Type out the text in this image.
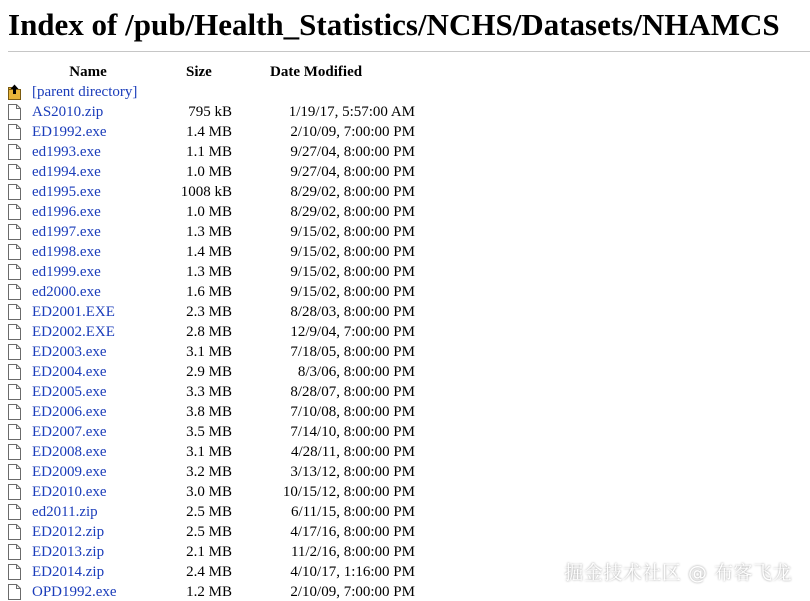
Index of /pub/Health_Statistics/NCHS/Datasets/NHAMCS
Name	Size	Date Modified

[parent directory]		

AS2010.zip	795 kB	1/19/17, 5:57:00 AM

ED1992.exe	1.4 MB	2/10/09, 7:00:00 PM

ed1993.exe	1.1 MB	9/27/04, 8:00:00 PM

ed1994.exe	1.0 MB	9/27/04, 8:00:00 PM

ed1995.exe	1008 kB	8/29/02, 8:00:00 PM

ed1996.exe	1.0 MB	8/29/02, 8:00:00 PM

ed1997.exe	1.3 MB	9/15/02, 8:00:00 PM

ed1998.exe	1.4 MB	9/15/02, 8:00:00 PM

ed1999.exe	1.3 MB	9/15/02, 8:00:00 PM

ed2000.exe	1.6 MB	9/15/02, 8:00:00 PM

ED2001.EXE	2.3 MB	8/28/03, 8:00:00 PM

ED2002.EXE	2.8 MB	12/9/04, 7:00:00 PM

ED2003.exe	3.1 MB	7/18/05, 8:00:00 PM

ED2004.exe	2.9 MB	8/3/06, 8:00:00 PM

ED2005.exe	3.3 MB	8/28/07, 8:00:00 PM

ED2006.exe	3.8 MB	7/10/08, 8:00:00 PM

ED2007.exe	3.5 MB	7/14/10, 8:00:00 PM

ED2008.exe	3.1 MB	4/28/11, 8:00:00 PM

ED2009.exe	3.2 MB	3/13/12, 8:00:00 PM

ED2010.exe	3.0 MB	10/15/12, 8:00:00 PM

ed2011.zip	2.5 MB	6/11/15, 8:00:00 PM

ED2012.zip	2.5 MB	4/17/16, 8:00:00 PM

ED2013.zip	2.1 MB	11/2/16, 8:00:00 PM

ED2014.zip	2.4 MB	4/10/17, 1:16:00 PM

OPD1992.exe	1.2 MB	2/10/09, 7:00:00 PM
掘金技术社区 @ 布客飞龙
